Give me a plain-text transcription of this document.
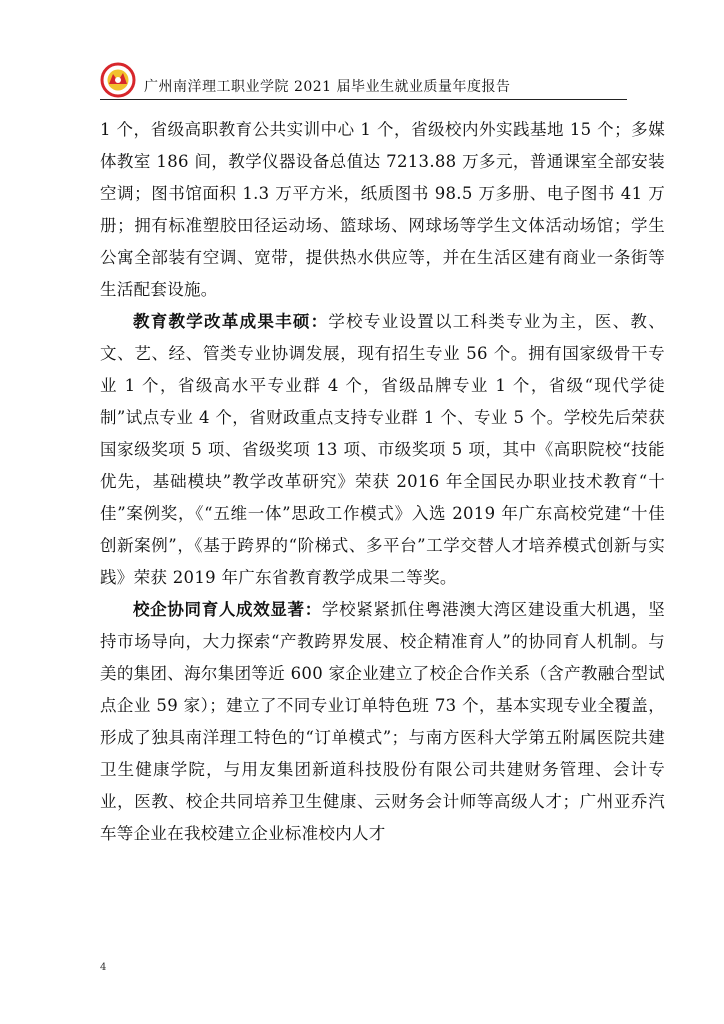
广州南洋理工职业学院 2021 届毕业生就业质量年度报告

1 个，省级高职教育公共实训中心 1 个，省级校内外实践基地 15 个；多媒体教室 186 间，教学仪器设备总值达 7213.88 万多元，普通课室全部安装空调；图书馆面积 1.3 万平方米，纸质图书 98.5 万多册、电子图书 41 万册；拥有标准塑胶田径运动场、篮球场、网球场等学生文体活动场馆；学生公寓全部装有空调、宽带，提供热水供应等，并在生活区建有商业一条街等生活配套设施。

教育教学改革成果丰硕：学校专业设置以工科类专业为主，医、教、文、艺、经、管类专业协调发展，现有招生专业 56 个。拥有国家级骨干专业 1 个，省级高水平专业群 4 个，省级品牌专业 1 个，省级“现代学徒制”试点专业 4 个，省财政重点支持专业群 1 个、专业 5 个。学校先后荣获国家级奖项 5 项、省级奖项 13 项、市级奖项 5 项，其中《高职院校“技能优先，基础模块”教学改革研究》荣获 2016 年全国民办职业技术教育“十佳”案例奖，《“五维一体”思政工作模式》入选 2019 年广东高校党建“十佳创新案例”，《基于跨界的“阶梯式、多平台”工学交替人才培养模式创新与实践》荣获 2019 年广东省教育教学成果二等奖。

校企协同育人成效显著：学校紧紧抓住粤港澳大湾区建设重大机遇，坚持市场导向，大力探索“产教跨界发展、校企精准育人”的协同育人机制。与美的集团、海尔集团等近 600 家企业建立了校企合作关系（含产教融合型试点企业 59 家）；建立了不同专业订单特色班 73 个，基本实现专业全覆盖，形成了独具南洋理工特色的“订单模式”；与南方医科大学第五附属医院共建卫生健康学院，与用友集团新道科技股份有限公司共建财务管理、会计专业，医教、校企共同培养卫生健康、云财务会计师等高级人才；广州亚乔汽车等企业在我校建立企业标准校内人才

4
